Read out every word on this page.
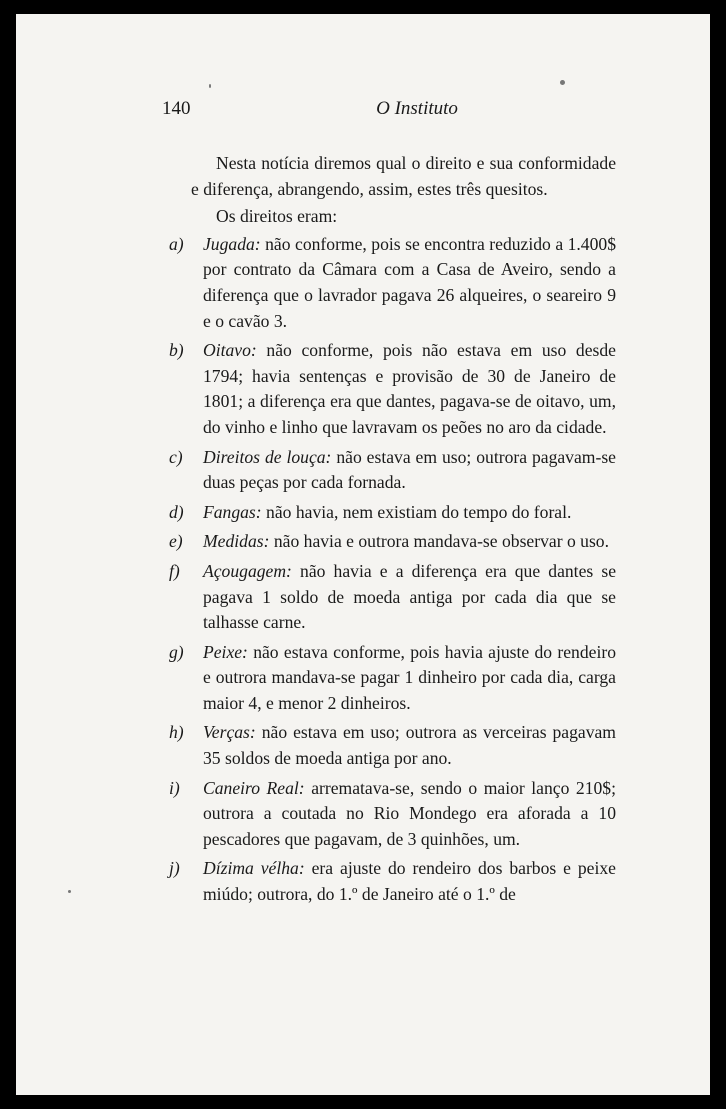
140	O Instituto

Nesta notícia diremos qual o direito e sua conformidade e diferença, abrangendo, assim, estes três quesitos.

Os direitos eram:

a) Jugada: não conforme, pois se encontra reduzido a 1.400$ por contrato da Câmara com a Casa de Aveiro, sendo a diferença que o lavrador pagava 26 alqueires, o seareiro 9 e o cavão 3.
b) Oitavo: não conforme, pois não estava em uso desde 1794; havia sentenças e provisão de 30 de Janeiro de 1801; a diferença era que dantes, pagava-se de oitavo, um, do vinho e linho que lavravam os peões no aro da cidade.
c) Direitos de louça: não estava em uso; outrora pagavam-se duas peças por cada fornada.
d) Fangas: não havia, nem existiam do tempo do foral.
e) Medidas: não havia e outrora mandava-se observar o uso.
f) Açougagem: não havia e a diferença era que dantes se pagava 1 soldo de moeda antiga por cada dia que se talhasse carne.
g) Peixe: não estava conforme, pois havia ajuste do rendeiro e outrora mandava-se pagar 1 dinheiro por cada dia, carga maior 4, e menor 2 dinheiros.
h) Verças: não estava em uso; outrora as verceiras pagavam 35 soldos de moeda antiga por ano.
i) Caneiro Real: arrematava-se, sendo o maior lanço 210$; outrora a coutada no Rio Mondego era aforada a 10 pescadores que pagavam, de 3 quinhões, um.
j) Dízima vélha: era ajuste do rendeiro dos barbos e peixe miúdo; outrora, do 1.º de Janeiro até o 1.º de
